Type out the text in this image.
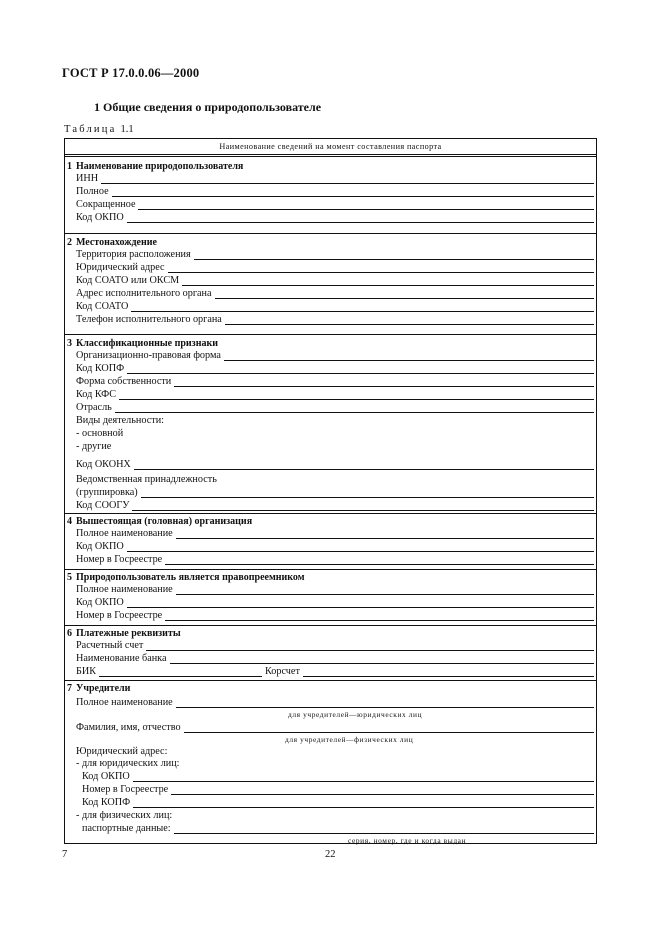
ГОСТ Р 17.0.0.06—2000
1 Общие сведения о природопользователе
Таблица 1.1
Наименование сведений на момент составления паспорта
1 Наименование природопользователя
ИНН
Полное
Сокращенное
Код ОКПО
2 Местонахождение
Территория расположения
Юридический адрес
Код СОАТО или ОКСМ
Адрес исполнительного органа
Код СОАТО
Телефон исполнительного органа
3 Классификационные признаки
Организационно-правовая форма
Код КОПФ
Форма собственности
Код КФС
Отрасль
Виды деятельности:
- основной
- другие
Код ОКОНХ
Ведомственная принадлежность
(группировка)
Код СООГУ
4 Вышестоящая (головная) организация
Полное наименование
Код ОКПО
Номер в Госреестре
5 Природопользователь является правопреемником
Полное наименование
Код ОКПО
Номер в Госреестре
6 Платежные реквизиты
Расчетный счет
Наименование банка
БИК	Корсчет
7 Учредители
Полное наименование
для учредителей—юридических лиц
Фамилия, имя, отчество
для учредителей—физических лиц
Юридический адрес:
- для юридических лиц:
Код ОКПО
Номер в Госреестре
Код КОПФ
- для физических лиц:
паспортные данные:
серия, номер, где и когда выдан
7	22
